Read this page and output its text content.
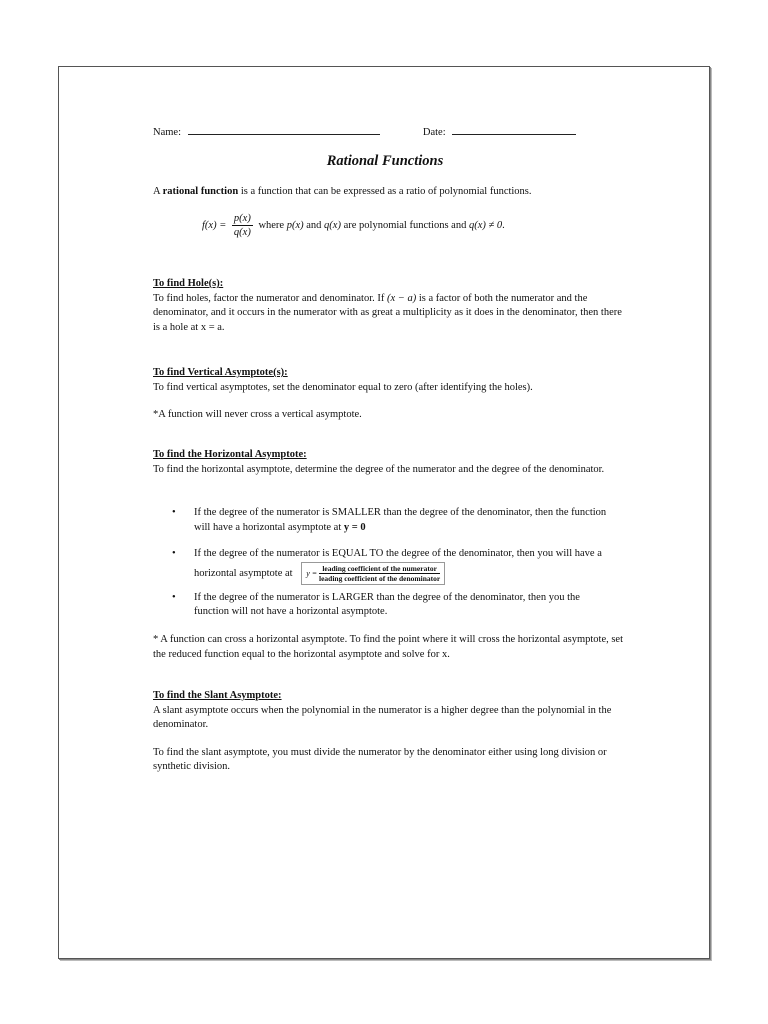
Name:	Date:
Rational Functions
A rational function is a function that can be expressed as a ratio of polynomial functions.
$f(x) = \frac{p(x)}{q(x)}$ where p(x) and q(x) are polynomial functions and q(x) ≠ 0.

To find Hole(s):

To find holes, factor the numerator and denominator. If (x − a) is a factor of both the numerator and the denominator, and it occurs in the numerator with as great a multiplicity as it does in the denominator, then there is a hole at x = a.

To find Vertical Asymptote(s):

To find vertical asymptotes, set the denominator equal to zero (after identifying the holes).

*A function will never cross a vertical asymptote.

To find the Horizontal Asymptote:

To find the horizontal asymptote, determine the degree of the numerator and the degree of the denominator.

• If the degree of the numerator is SMALLER than the degree of the denominator, then the function will have a horizontal asymptote at y = 0
• If the degree of the numerator is EQUAL TO the degree of the denominator, then you will have a horizontal asymptote at y =
leading coefficient of the numerator
leading coefficient of the denominator
• If the degree of the numerator is LARGER than the degree of the denominator, then you the function will not have a horizontal asymptote.
* A function can cross a horizontal asymptote. To find the point where it will cross the horizontal asymptote, set the reduced function equal to the horizontal asymptote and solve for x.

To find the Slant Asymptote:

A slant asymptote occurs when the polynomial in the numerator is a higher degree than the polynomial in the denominator.

To find the slant asymptote, you must divide the numerator by the denominator either using long division or synthetic division.
